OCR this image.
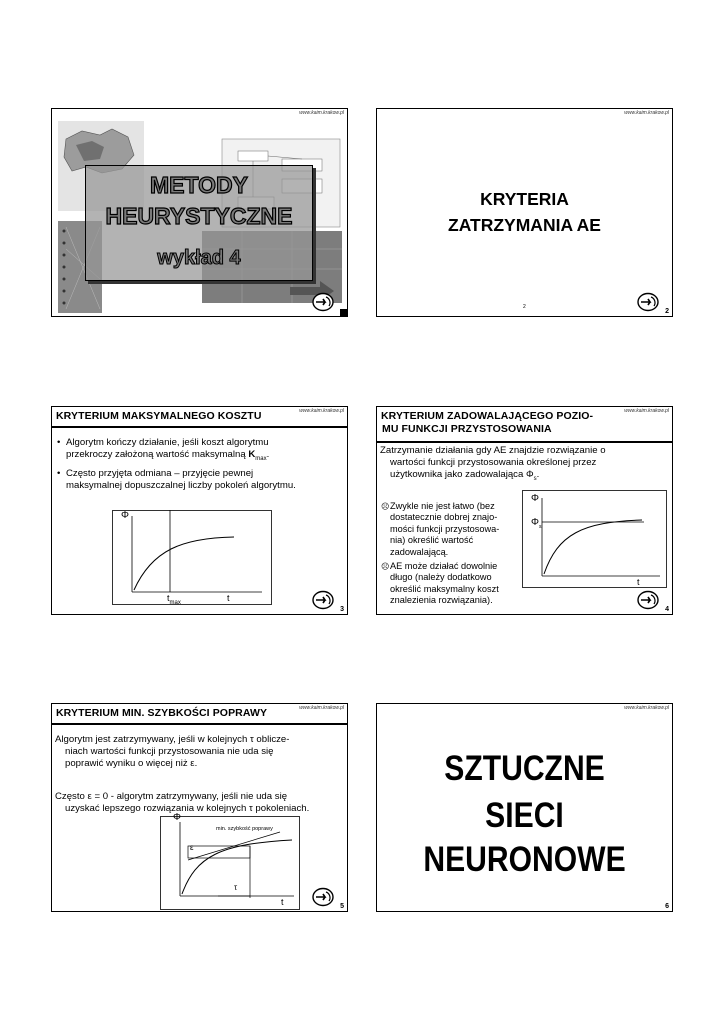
www.kaim.krakow.pl
METODY
HEURYSTYCZNE
wykład 4
www.kaim.krakow.pl
KRYTERIA
ZATRZYMANIA AE
2
2
www.kaim.krakow.pl
KRYTERIUM MAKSYMALNEGO KOSZTU
• Algorytm kończy działanie, jeśli koszt algorytmu
przekroczy założoną wartość maksymalną $K_{max}$.
• Często przyjęta odmiana – przyjęcie pewnej
maksymalnej dopuszczalnej liczby pokoleń algorytmu.
Φ
$t_{max}$	t
3
www.kaim.krakow.pl
KRYTERIUM ZADOWALAJĄCEGO POZIO-
MU FUNKCJI PRZYSTOSOWANIA
Zatrzymanie działania gdy AE znajdzie rozwiązanie o
wartości funkcji przystosowania określonej przez
użytkownika jako zadowalająca $\Phi_s$.
☹ Zwykle nie jest łatwo (bez
dostatecznie dobrej znajo-
mości funkcji przystosowa-
nia) określić wartość
zadowalającą.
☹ AE może działać dowolnie
długo (należy dodatkowo
określić maksymalny koszt
znalezienia rozwiązania).
Φ
$\Phi_s$
t
4
www.kaim.krakow.pl
KRYTERIUM MIN. SZYBKOŚCI POPRAWY
Algorytm jest zatrzymywany, jeśli w kolejnych τ oblicze-
niach wartości funkcji przystosowania nie uda się
poprawić wyniku o więcej niż ε.
Często ε = 0 - algorytm zatrzymywany, jeśli nie uda się
uzyskać lepszego rozwiązania w kolejnych τ pokoleniach.
Φ
min. szybkość poprawy
ε
τ
t	5
www.kaim.krakow.pl
SZTUCZNE
SIECI
NEURONOWE
6
